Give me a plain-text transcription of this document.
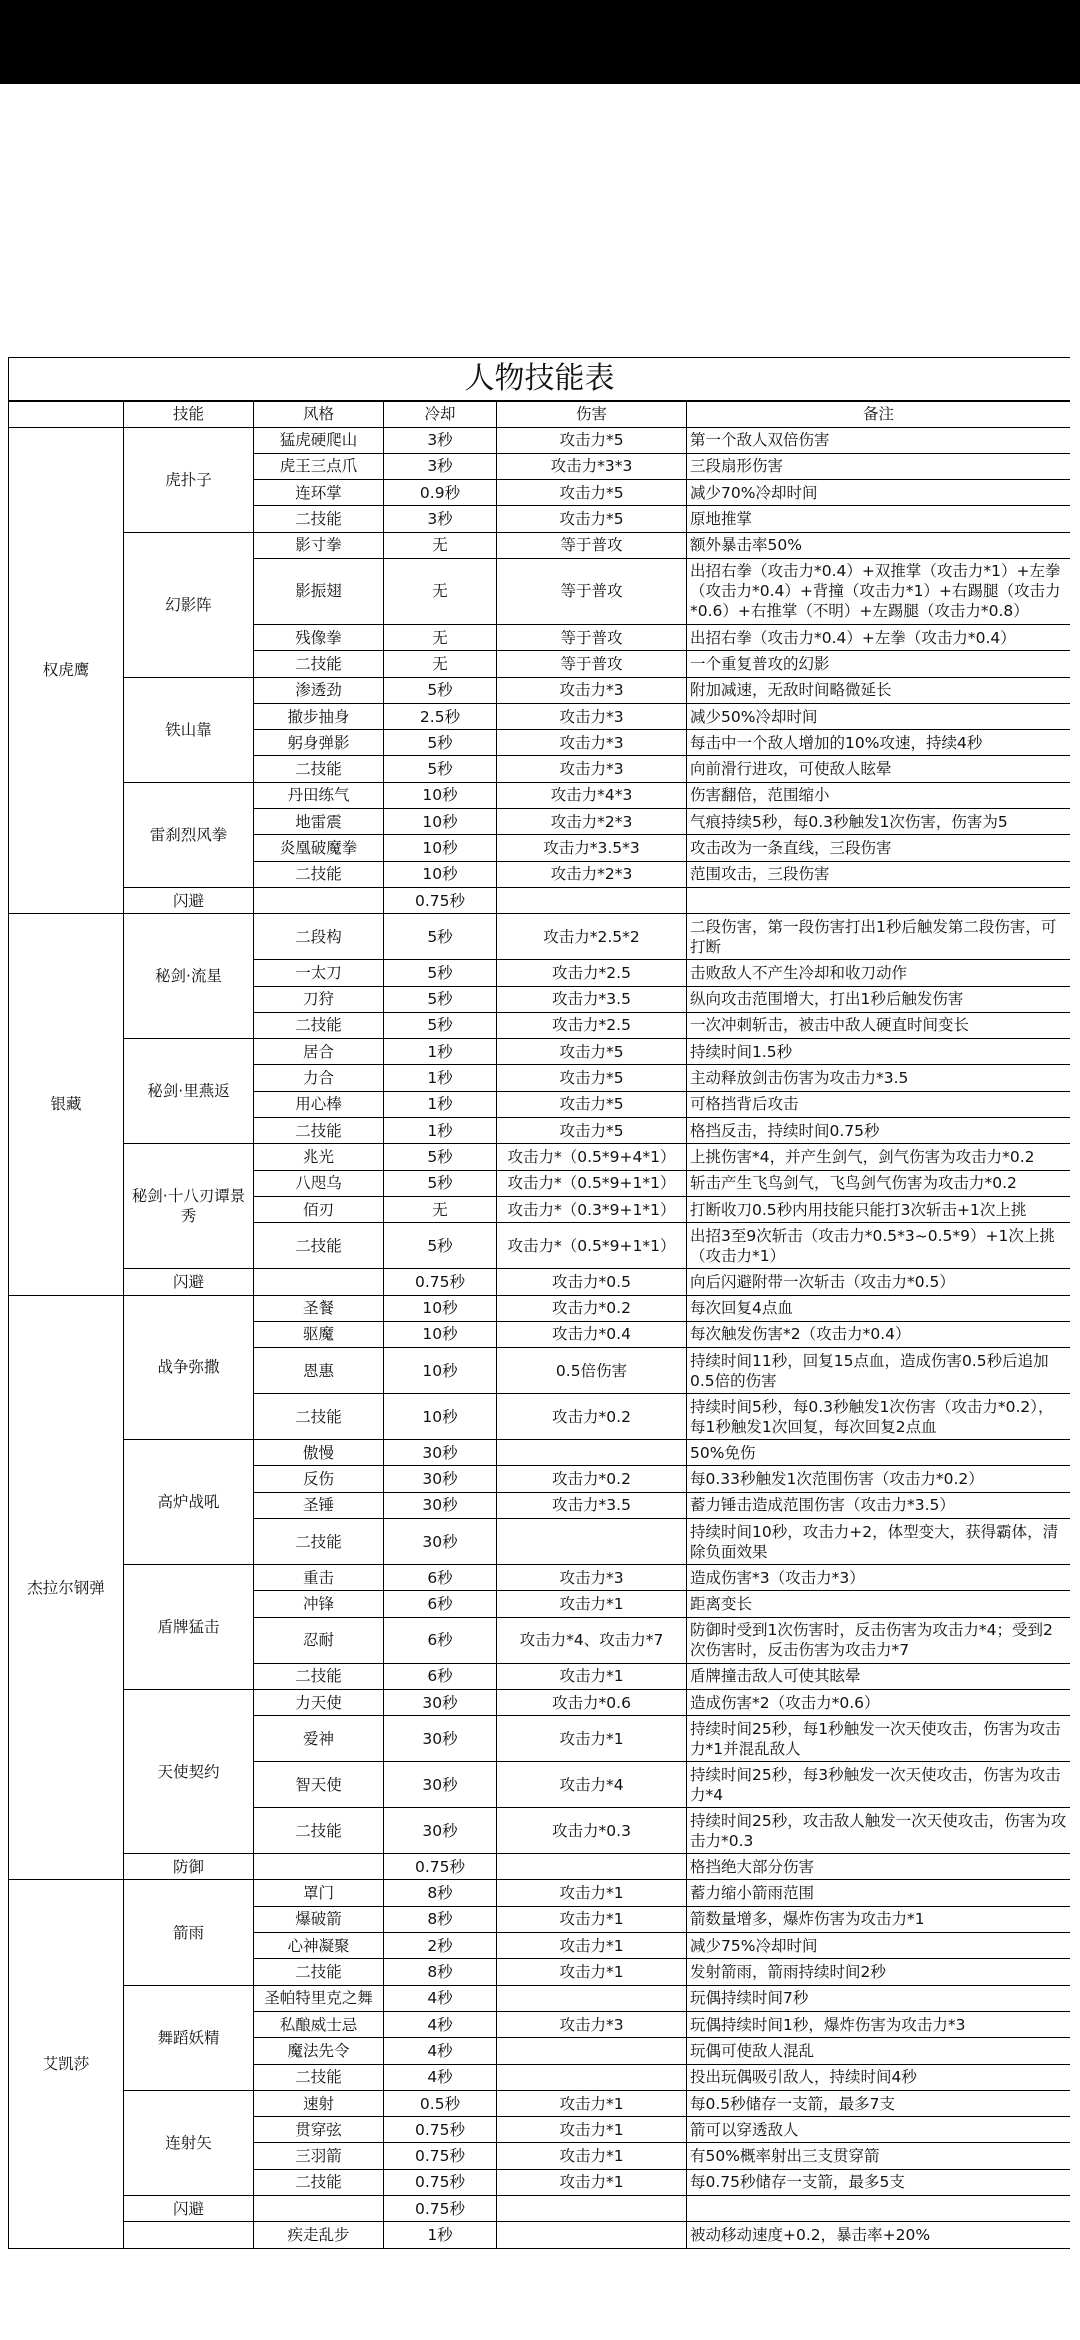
人物技能表					
	技能	风格	冷却	伤害	备注
权虎鹰	虎扑子	猛虎硬爬山	3秒	攻击力*5	第一个敌人双倍伤害
		虎王三点爪	3秒	攻击力*3*3	三段扇形伤害
		连环掌	0.9秒	攻击力*5	减少70%冷却时间
		二技能	3秒	攻击力*5	原地推掌
	幻影阵	影寸拳	无	等于普攻	额外暴击率50%
		影振翅	无	等于普攻	出招右拳（攻击力*0.4）+双推掌（攻击力*1）+左拳（攻击力*0.4）+背撞（攻击力*1）+右踢腿（攻击力*0.6）+右推掌（不明）+左踢腿（攻击力*0.8）
		残像拳	无	等于普攻	出招右拳（攻击力*0.4）+左拳（攻击力*0.4）
		二技能	无	等于普攻	一个重复普攻的幻影
	铁山靠	渗透劲	5秒	攻击力*3	附加减速，无敌时间略微延长
		撤步抽身	2.5秒	攻击力*3	减少50%冷却时间
		躬身弹影	5秒	攻击力*3	每击中一个敌人增加的10%攻速，持续4秒
		二技能	5秒	攻击力*3	向前滑行进攻，可使敌人眩晕
	雷刹烈风拳	丹田练气	10秒	攻击力*4*3	伤害翻倍，范围缩小
		地雷震	10秒	攻击力*2*3	气痕持续5秒，每0.3秒触发1次伤害，伤害为5
		炎凰破魔拳	10秒	攻击力*3.5*3	攻击改为一条直线，三段伤害
		二技能	10秒	攻击力*2*3	范围攻击，三段伤害
	闪避		0.75秒		
银藏	秘剑·流星	二段构	5秒	攻击力*2.5*2	二段伤害，第一段伤害打出1秒后触发第二段伤害，可打断
		一太刀	5秒	攻击力*2.5	击败敌人不产生冷却和收刀动作
		刀狩	5秒	攻击力*3.5	纵向攻击范围增大，打出1秒后触发伤害
		二技能	5秒	攻击力*2.5	一次冲刺斩击，被击中敌人硬直时间变长
	秘剑·里燕返	居合	1秒	攻击力*5	持续时间1.5秒
		力合	1秒	攻击力*5	主动释放剑击伤害为攻击力*3.5
		用心棒	1秒	攻击力*5	可格挡背后攻击
		二技能	1秒	攻击力*5	格挡反击，持续时间0.75秒
	秘剑·十八刃谭景秀	兆光	5秒	攻击力*（0.5*9+4*1）	上挑伤害*4，并产生剑气，剑气伤害为攻击力*0.2
		八咫乌	5秒	攻击力*（0.5*9+1*1）	斩击产生飞鸟剑气，飞鸟剑气伤害为攻击力*0.2
		佰刃	无	攻击力*（0.3*9+1*1）	打断收刀0.5秒内用技能只能打3次斩击+1次上挑
		二技能	5秒	攻击力*（0.5*9+1*1）	出招3至9次斩击（攻击力*0.5*3~0.5*9）+1次上挑（攻击力*1）
	闪避		0.75秒	攻击力*0.5	向后闪避附带一次斩击（攻击力*0.5）
杰拉尔钢弹	战争弥撒	圣餐	10秒	攻击力*0.2	每次回复4点血
		驱魔	10秒	攻击力*0.4	每次触发伤害*2（攻击力*0.4）
		恩惠	10秒	0.5倍伤害	持续时间11秒，回复15点血，造成伤害0.5秒后追加0.5倍的伤害
		二技能	10秒	攻击力*0.2	持续时间5秒，每0.3秒触发1次伤害（攻击力*0.2），每1秒触发1次回复，每次回复2点血
	高炉战吼	傲慢	30秒		50%免伤
		反伤	30秒	攻击力*0.2	每0.33秒触发1次范围伤害（攻击力*0.2）
		圣锤	30秒	攻击力*3.5	蓄力锤击造成范围伤害（攻击力*3.5）
		二技能	30秒		持续时间10秒，攻击力+2，体型变大，获得霸体，清除负面效果
	盾牌猛击	重击	6秒	攻击力*3	造成伤害*3（攻击力*3）
		冲锋	6秒	攻击力*1	距离变长
		忍耐	6秒	攻击力*4、攻击力*7	防御时受到1次伤害时，反击伤害为攻击力*4；受到2次伤害时，反击伤害为攻击力*7
		二技能	6秒	攻击力*1	盾牌撞击敌人可使其眩晕
	天使契约	力天使	30秒	攻击力*0.6	造成伤害*2（攻击力*0.6）
		爱神	30秒	攻击力*1	持续时间25秒，每1秒触发一次天使攻击，伤害为攻击力*1并混乱敌人
		智天使	30秒	攻击力*4	持续时间25秒，每3秒触发一次天使攻击，伤害为攻击力*4
		二技能	30秒	攻击力*0.3	持续时间25秒，攻击敌人触发一次天使攻击，伤害为攻击力*0.3
	防御		0.75秒		格挡绝大部分伤害
艾凯莎	箭雨	罩门	8秒	攻击力*1	蓄力缩小箭雨范围
		爆破箭	8秒	攻击力*1	箭数量增多，爆炸伤害为攻击力*1
		心神凝聚	2秒	攻击力*1	减少75%冷却时间
		二技能	8秒	攻击力*1	发射箭雨，箭雨持续时间2秒
	舞蹈妖精	圣帕特里克之舞	4秒		玩偶持续时间7秒
		私酿威士忌	4秒	攻击力*3	玩偶持续时间1秒，爆炸伤害为攻击力*3
		魔法先令	4秒		玩偶可使敌人混乱
		二技能	4秒		投出玩偶吸引敌人，持续时间4秒
	连射矢	速射	0.5秒	攻击力*1	每0.5秒储存一支箭，最多7支
		贯穿弦	0.75秒	攻击力*1	箭可以穿透敌人
		三羽箭	0.75秒	攻击力*1	有50%概率射出三支贯穿箭
		二技能	0.75秒	攻击力*1	每0.75秒储存一支箭，最多5支
	闪避		0.75秒		
		疾走乱步	1秒		被动移动速度+0.2，暴击率+20%
